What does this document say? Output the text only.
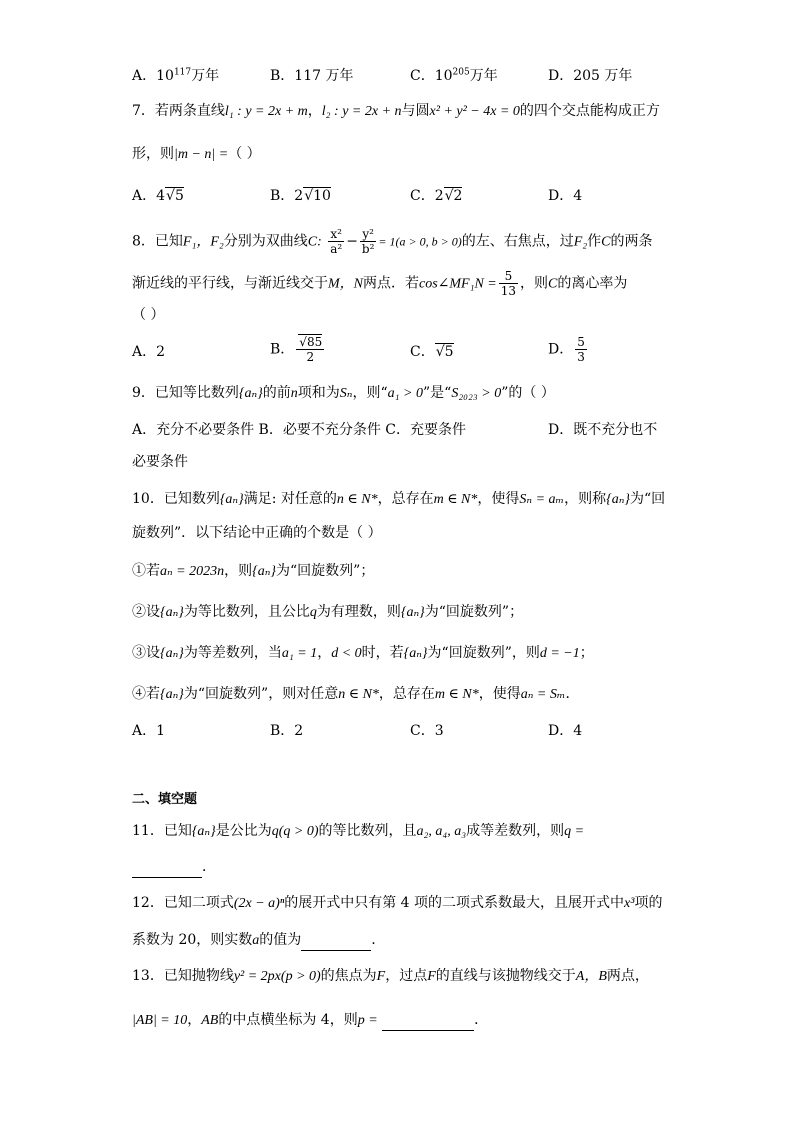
A．$10^{117}$万年	B．117 万年	C．$10^{205}$万年	D．205 万年
7．若两条直线l₁ : y = 2x + m，l₂ : y = 2x + n与圆x² + y² − 4x = 0的四个交点能构成正方
形，则|m − n| =（ ）
A．4√5	B．2√10	C．2√2	D．4
8．已知F₁，F₂分别为双曲线C: $\frac{\text{x²}}{\text{a²}} - \frac{\text{y²}}{\text{b²}} = 1(a > 0$, b > 0)的左、右焦点，过F₂作C的两条
渐近线的平行线，与渐近线交于M，N两点．若cos∠MF₁N = $\frac{5}{13}$ ，则C的离心率为
（ ）
A．2	B． $\frac{√85}{2}$	C．√5	D． $\frac{5}{3}$
9．已知等比数列{aₙ}的前n项和为Sₙ，则“a₁ > 0”是“S₂₀₂₃ > 0”的（ ）
A．充分不必要条件 B．必要不充分条件 C．充要条件	D．既不充分也不
必要条件
10．已知数列{aₙ}满足: 对任意的n ∈ N*，总存在m ∈ N*，使得Sₙ = aₘ，则称{aₙ}为“回
旋数列”．以下结论中正确的个数是（ ）
①若aₙ = 2023n，则{aₙ}为“回旋数列”；
②设{aₙ}为等比数列，且公比q为有理数，则{aₙ}为“回旋数列”；
③设{aₙ}为等差数列，当a₁ = 1，d < 0时，若{aₙ}为“回旋数列”，则d = −1；
④若{aₙ}为“回旋数列”，则对任意n ∈ N*，总存在m ∈ N*，使得aₙ = Sₘ．
A．1	B．2	C．3	D．4
二、填空题
11．已知{aₙ}是公比为q(q > 0)的等比数列，且a₂, a₄, a₃成等差数列，则q =
．
12．已知二项式(2x − a)ⁿ的展开式中只有第 4 项的二项式系数最大，且展开式中x³项的
系数为 20，则实数a的值为	.
13．已知抛物线y² = 2px(p > 0)的焦点为F，过点F的直线与该抛物线交于A，B两点，
|AB| = 10，AB的中点横坐标为 4，则p =	．
